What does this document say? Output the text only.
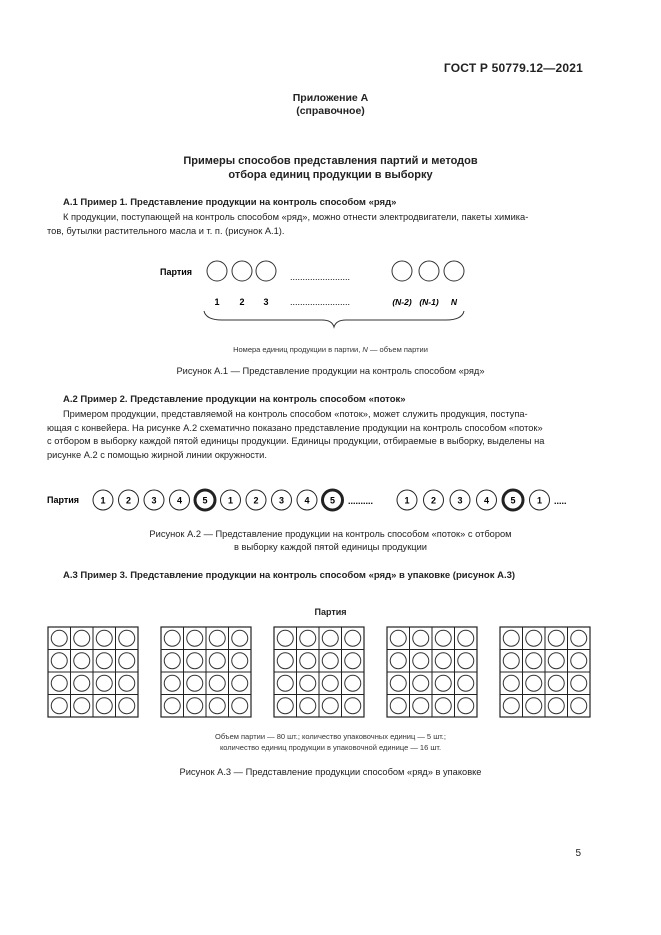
ГОСТ Р 50779.12—2021
Приложение А
(справочное)
Примеры способов представления партий и методов
отбора единиц продукции в выборку
А.1 Пример 1. Представление продукции на контроль способом «ряд»
К продукции, поступающей на контроль способом «ряд», можно отнести электродвигатели, пакеты химика-
тов, бутылки растительного масла и т. п. (рисунок А.1).
Партия	........................
1 2 3 ........................	(N-2) (N-1) N
Номера единиц продукции в партии, N — объем партии
Рисунок А.1 — Представление продукции на контроль способом «ряд»
А.2 Пример 2. Представление продукции на контроль способом «поток»
Примером продукции, представляемой на контроль способом «поток», может служить продукция, поступа-
ющая с конвейера. На рисунке А.2 схематично показано представление продукции на контроль способом «поток»
с отбором в выборку каждой пятой единицы продукции. Единицы продукции, отбираемые в выборку, выделены на
рисунке А.2 с помощью жирной линии окружности.
Партия	..........	.....
1 2 3 4 5 1 2 3 4 5	1 2 3 4 5 1
Рисунок А.2 — Представление продукции на контроль способом «поток» с отбором
в выборку каждой пятой единицы продукции
А.3 Пример 3. Представление продукции на контроль способом «ряд» в упаковке (рисунок А.3)
Партия
Объем партии — 80 шт.; количество упаковочных единиц — 5 шт.;
количество единиц продукции в упаковочной единице — 16 шт.
Рисунок А.3 — Представление продукции способом «ряд» в упаковке
5
